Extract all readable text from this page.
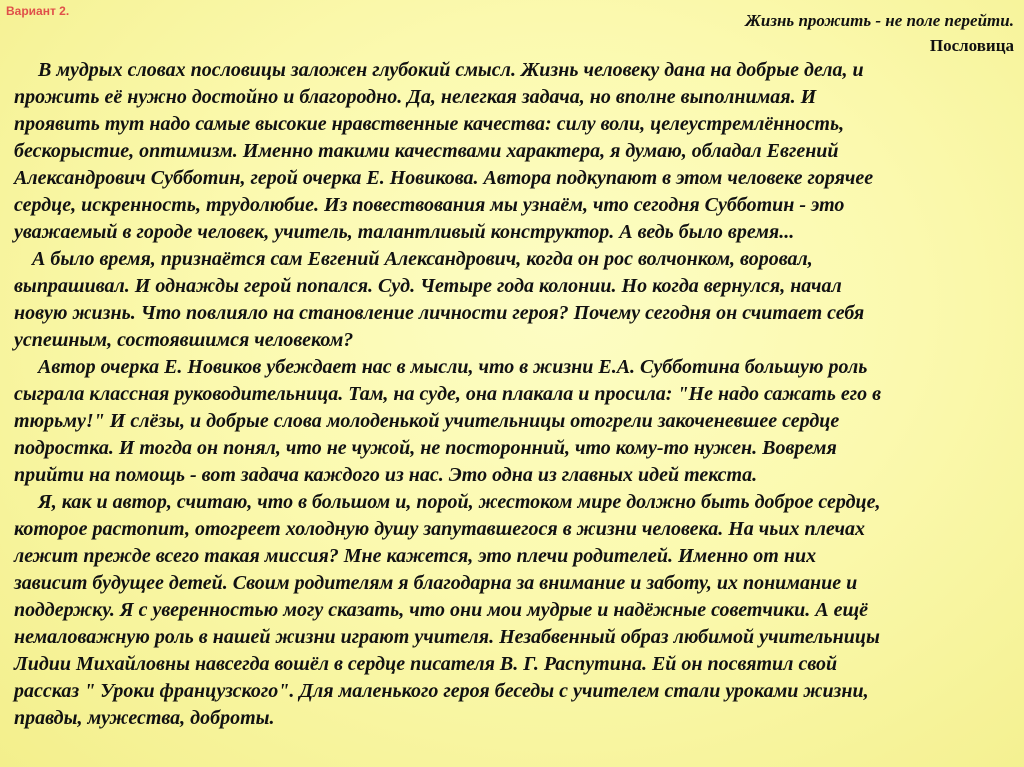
Вариант 2.	Жизнь прожить - не поле перейти.
Пословица
В мудрых словах пословицы заложен глубокий смысл. Жизнь человеку дана на добрые дела, и
прожить её нужно достойно и благородно. Да, нелегкая задача, но вполне выполнимая. И
проявить тут надо самые высокие нравственные качества: силу воли, целеустремлённость,
бескорыстие, оптимизм. Именно такими качествами характера, я думаю, обладал Евгений
Александрович Субботин, герой очерка Е. Новикова. Автора подкупают в этом человеке горячее
сердце, искренность, трудолюбие. Из повествования мы узнаём, что сегодня Субботин - это
уважаемый в городе человек, учитель, талантливый конструктор. А ведь было время...
А было время, признаётся сам Евгений Александрович, когда он рос волчонком, воровал,
выпрашивал. И однажды герой попался. Суд. Четыре года колонии. Но когда вернулся, начал
новую жизнь. Что повлияло на становление личности героя? Почему сегодня он считает себя
успешным, состоявшимся человеком?
Автор очерка Е. Новиков убеждает нас в мысли, что в жизни Е.А. Субботина большую роль
сыграла классная руководительница. Там, на суде, она плакала и просила: "Не надо сажать его в
тюрьму!" И слёзы, и добрые слова молоденькой учительницы отогрели закоченевшее сердце
подростка. И тогда он понял, что не чужой, не посторонний, что кому-то нужен. Вовремя
прийти на помощь - вот задача каждого из нас. Это одна из главных идей текста.
Я, как и автор, считаю, что в большом и, порой, жестоком мире должно быть доброе сердце,
которое растопит, отогреет холодную душу запутавшегося в жизни человека. На чьих плечах
лежит прежде всего такая миссия? Мне кажется, это плечи родителей. Именно от них
зависит будущее детей. Своим родителям я благодарна за внимание и заботу, их понимание и
поддержку. Я с уверенностью могу сказать, что они мои мудрые и надёжные советчики. А ещё
немаловажную роль в нашей жизни играют учителя. Незабвенный образ любимой учительницы
Лидии Михайловны навсегда вошёл в сердце писателя В. Г. Распутина. Ей он посвятил свой
рассказ " Уроки французского". Для маленького героя беседы с учителем стали уроками жизни,
правды, мужества, доброты.
